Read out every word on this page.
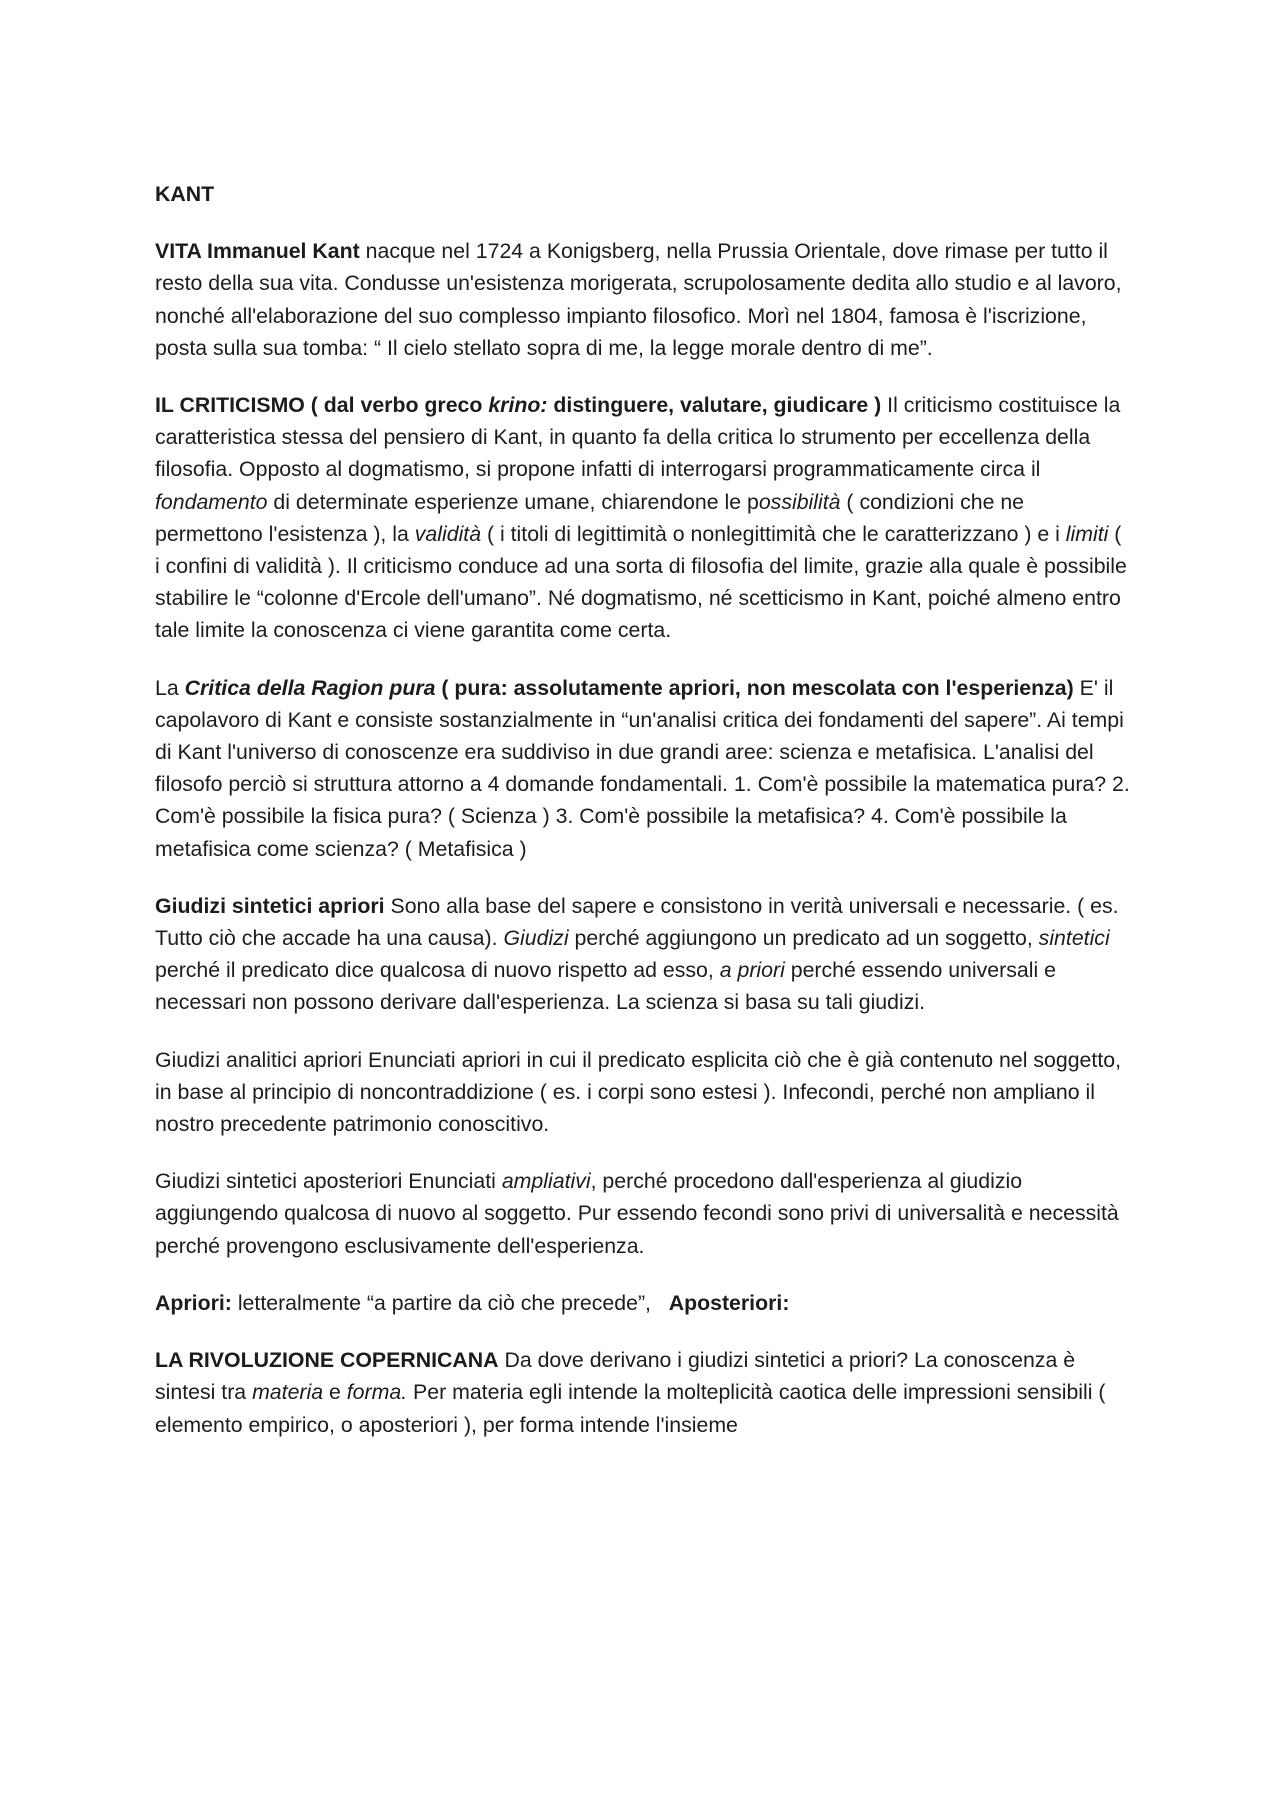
KANT

VITA Immanuel Kant nacque nel 1724 a Konigsberg, nella Prussia Orientale, dove rimase per tutto il resto della sua vita. Condusse un'esistenza morigerata, scrupolosamente dedita allo studio e al lavoro, nonché all'elaborazione del suo complesso impianto filosofico. Morì nel 1804, famosa è l'iscrizione, posta sulla sua tomba: “ Il cielo stellato sopra di me, la legge morale dentro di me”.

IL CRITICISMO ( dal verbo greco krino: distinguere, valutare, giudicare ) Il criticismo costituisce la caratteristica stessa del pensiero di Kant, in quanto fa della critica lo strumento per eccellenza della filosofia. Opposto al dogmatismo, si propone infatti di interrogarsi programmaticamente circa il fondamento di determinate esperienze umane, chiarendone le possibilità ( condizioni che ne permettono l'esistenza ), la validità ( i titoli di legittimità o nonlegittimità che le caratterizzano ) e i limiti ( i confini di validità ). Il criticismo conduce ad una sorta di filosofia del limite, grazie alla quale è possibile stabilire le “colonne d'Ercole dell'umano”. Né dogmatismo, né scetticismo in Kant, poiché almeno entro tale limite la conoscenza ci viene garantita come certa.

La Critica della Ragion pura ( pura: assolutamente apriori, non mescolata con l'esperienza) E' il capolavoro di Kant e consiste sostanzialmente in “un'analisi critica dei fondamenti del sapere”. Ai tempi di Kant l'universo di conoscenze era suddiviso in due grandi aree: scienza e metafisica. L'analisi del filosofo perciò si struttura attorno a 4 domande fondamentali. 1. Com'è possibile la matematica pura? 2. Com'è possibile la fisica pura? ( Scienza ) 3. Com'è possibile la metafisica? 4. Com'è possibile la metafisica come scienza? ( Metafisica )

Giudizi sintetici apriori Sono alla base del sapere e consistono in verità universali e necessarie. ( es. Tutto ciò che accade ha una causa). Giudizi perché aggiungono un predicato ad un soggetto, sintetici perché il predicato dice qualcosa di nuovo rispetto ad esso, a priori perché essendo universali e necessari non possono derivare dall'esperienza. La scienza si basa su tali giudizi.

Giudizi analitici apriori Enunciati apriori in cui il predicato esplicita ciò che è già contenuto nel soggetto, in base al principio di noncontraddizione ( es. i corpi sono estesi ). Infecondi, perché non ampliano il nostro precedente patrimonio conoscitivo.

Giudizi sintetici aposteriori Enunciati ampliativi, perché procedono dall'esperienza al giudizio aggiungendo qualcosa di nuovo al soggetto. Pur essendo fecondi sono privi di universalità e necessità perché provengono esclusivamente dell'esperienza.

Apriori: letteralmente “a partire da ciò che precede”,   Aposteriori:

LA RIVOLUZIONE COPERNICANA Da dove derivano i giudizi sintetici a priori? La conoscenza è sintesi tra materia e forma. Per materia egli intende la molteplicità caotica delle impressioni sensibili ( elemento empirico, o aposteriori ), per forma intende l'insieme
